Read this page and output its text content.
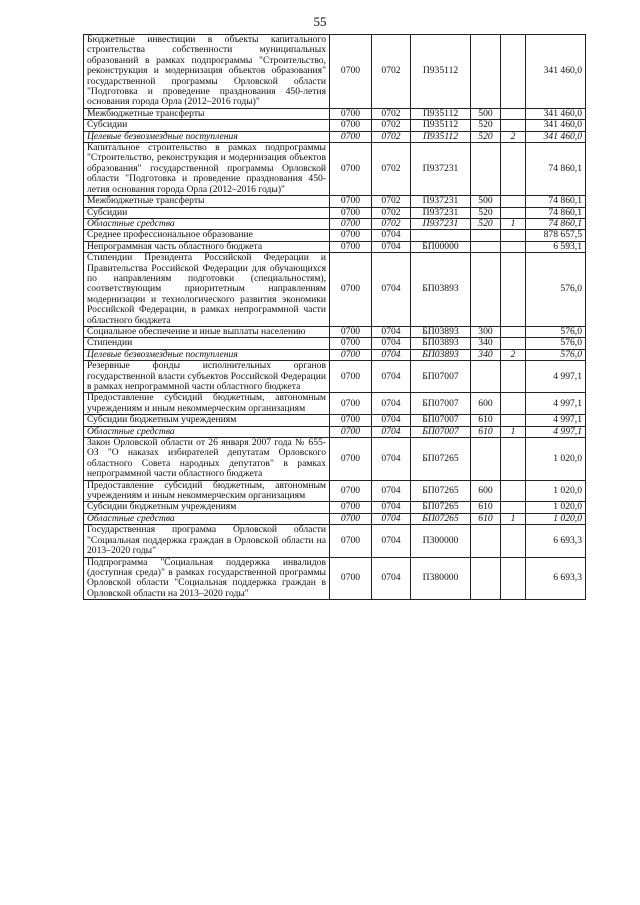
55
Бюджетные инвестиции в объекты капитального строительства собственности муниципальных образований в рамках подпрограммы "Строительство, реконструкция и модернизация объектов образования" государственной программы Орловской области "Подготовка и проведение празднования 450-летия основания города Орла (2012–2016 годы)"	0700	0702	П935112			341 460,0
Межбюджетные трансферты	0700	0702	П935112	500		341 460,0
Субсидии	0700	0702	П935112	520		341 460,0
Целевые безвозмездные поступления	0700	0702	П935112	520	2	341 460,0
Капитальное строительство в рамках подпрограммы "Строительство, реконструкция и модернизация объектов образования" государственной программы Орловской области "Подготовка и проведение празднования 450-летия основания города Орла (2012–2016 годы)"	0700	0702	П937231			74 860,1
Межбюджетные трансферты	0700	0702	П937231	500		74 860,1
Субсидии	0700	0702	П937231	520		74 860,1
Областные средства	0700	0702	П937231	520	1	74 860,1
Среднее профессиональное образование	0700	0704				878 657,5
Непрограммная часть областного бюджета	0700	0704	БП00000			6 593,1
Стипендии Президента Российской Федерации и Правительства Российской Федерации для обучающихся по направлениям подготовки (специальностям), соответствующим приоритетным направлениям модернизации и технологического развития экономики Российской Федерации, в рамках непрограммной части областного бюджета	0700	0704	БП03893			576,0
Социальное обеспечение и иные выплаты населению	0700	0704	БП03893	300		576,0
Стипендии	0700	0704	БП03893	340		576,0
Целевые безвозмездные поступления	0700	0704	БП03893	340	2	576,0
Резервные фонды исполнительных органов государственной власти субъектов Российской Федерации в рамках непрограммной части областного бюджета	0700	0704	БП07007			4 997,1
Предоставление субсидий бюджетным, автономным учреждениям и иным некоммерческим организациям	0700	0704	БП07007	600		4 997,1
Субсидии бюджетным учреждениям	0700	0704	БП07007	610		4 997,1
Областные средства	0700	0704	БП07007	610	1	4 997,1
Закон Орловской области от 26 января 2007 года № 655-ОЗ "О наказах избирателей депутатам Орловского областного Совета народных депутатов" в рамках непрограммной части областного бюджета	0700	0704	БП07265			1 020,0
Предоставление субсидий бюджетным, автономным учреждениям и иным некоммерческим организациям	0700	0704	БП07265	600		1 020,0
Субсидии бюджетным учреждениям	0700	0704	БП07265	610		1 020,0
Областные средства	0700	0704	БП07265	610	1	1 020,0
Государственная программа Орловской области "Социальная поддержка граждан в Орловской области на 2013–2020 годы"	0700	0704	П300000			6 693,3
Подпрограмма "Социальная поддержка инвалидов (доступная среда)" в рамках государственной программы Орловской области "Социальная поддержка граждан в Орловской области на 2013–2020 годы"	0700	0704	П380000			6 693,3
